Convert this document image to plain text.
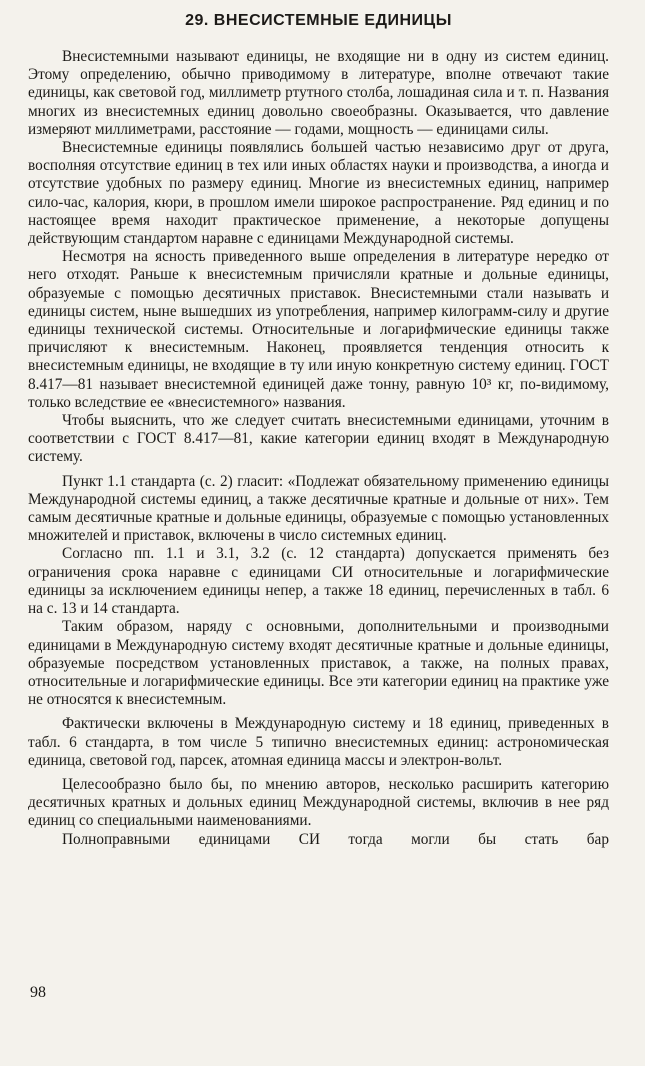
29. ВНЕСИСТЕМНЫЕ ЕДИНИЦЫ

Внесистемными называют единицы, не входящие ни в одну из систем единиц. Этому определению, обычно приводимому в литературе, вполне отвечают такие единицы, как световой год, миллиметр ртутного столба, лошадиная сила и т. п. Названия многих из внесистемных единиц довольно своеобразны. Оказывается, что давление измеряют миллиметрами, расстояние — годами, мощность — единицами силы.

Внесистемные единицы появлялись большей частью независимо друг от друга, восполняя отсутствие единиц в тех или иных областях науки и производства, а иногда и отсутствие удобных по размеру единиц. Многие из внесистемных единиц, например сило-час, калория, кюри, в прошлом имели широкое распространение. Ряд единиц и по настоящее время находит практическое применение, а некоторые допущены действующим стандартом наравне с единицами Международной системы.

Несмотря на ясность приведенного выше определения в литературе нередко от него отходят. Раньше к внесистемным причисляли кратные и дольные единицы, образуемые с помощью десятичных приставок. Внесистемными стали называть и единицы систем, ныне вышедших из употребления, например килограмм-силу и другие единицы технической системы. Относительные и логарифмические единицы также причисляют к внесистемным. Наконец, проявляется тенденция относить к внесистемным единицы, не входящие в ту или иную конкретную систему единиц. ГОСТ 8.417—81 называет внесистемной единицей даже тонну, равную 10³ кг, по-видимому, только вследствие ее «внесистемного» названия.

Чтобы выяснить, что же следует считать внесистемными единицами, уточним в соответствии с ГОСТ 8.417—81, какие категории единиц входят в Международную систему.

Пункт 1.1 стандарта (с. 2) гласит: «Подлежат обязательному применению единицы Международной системы единиц, а также десятичные кратные и дольные от них». Тем самым десятичные кратные и дольные единицы, образуемые с помощью установленных множителей и приставок, включены в число системных единиц.

Согласно пп. 1.1 и 3.1, 3.2 (с. 12 стандарта) допускается применять без ограничения срока наравне с единицами СИ относительные и логарифмические единицы за исключением единицы непер, а также 18 единиц, перечисленных в табл. 6 на с. 13 и 14 стандарта.

Таким образом, наряду с основными, дополнительными и производными единицами в Международную систему входят десятичные кратные и дольные единицы, образуемые посредством установленных приставок, а также, на полных правах, относительные и логарифмические единицы. Все эти категории единиц на практике уже не относятся к внесистемным.

Фактически включены в Международную систему и 18 единиц, приведенных в табл. 6 стандарта, в том числе 5 типично внесистемных единиц: астрономическая единица, световой год, парсек, атомная единица массы и электрон-вольт.

Целесообразно было бы, по мнению авторов, несколько расширить категорию десятичных кратных и дольных единиц Международной системы, включив в нее ряд единиц со специальными наименованиями.

Полноправными единицами СИ тогда могли бы стать бар

98
